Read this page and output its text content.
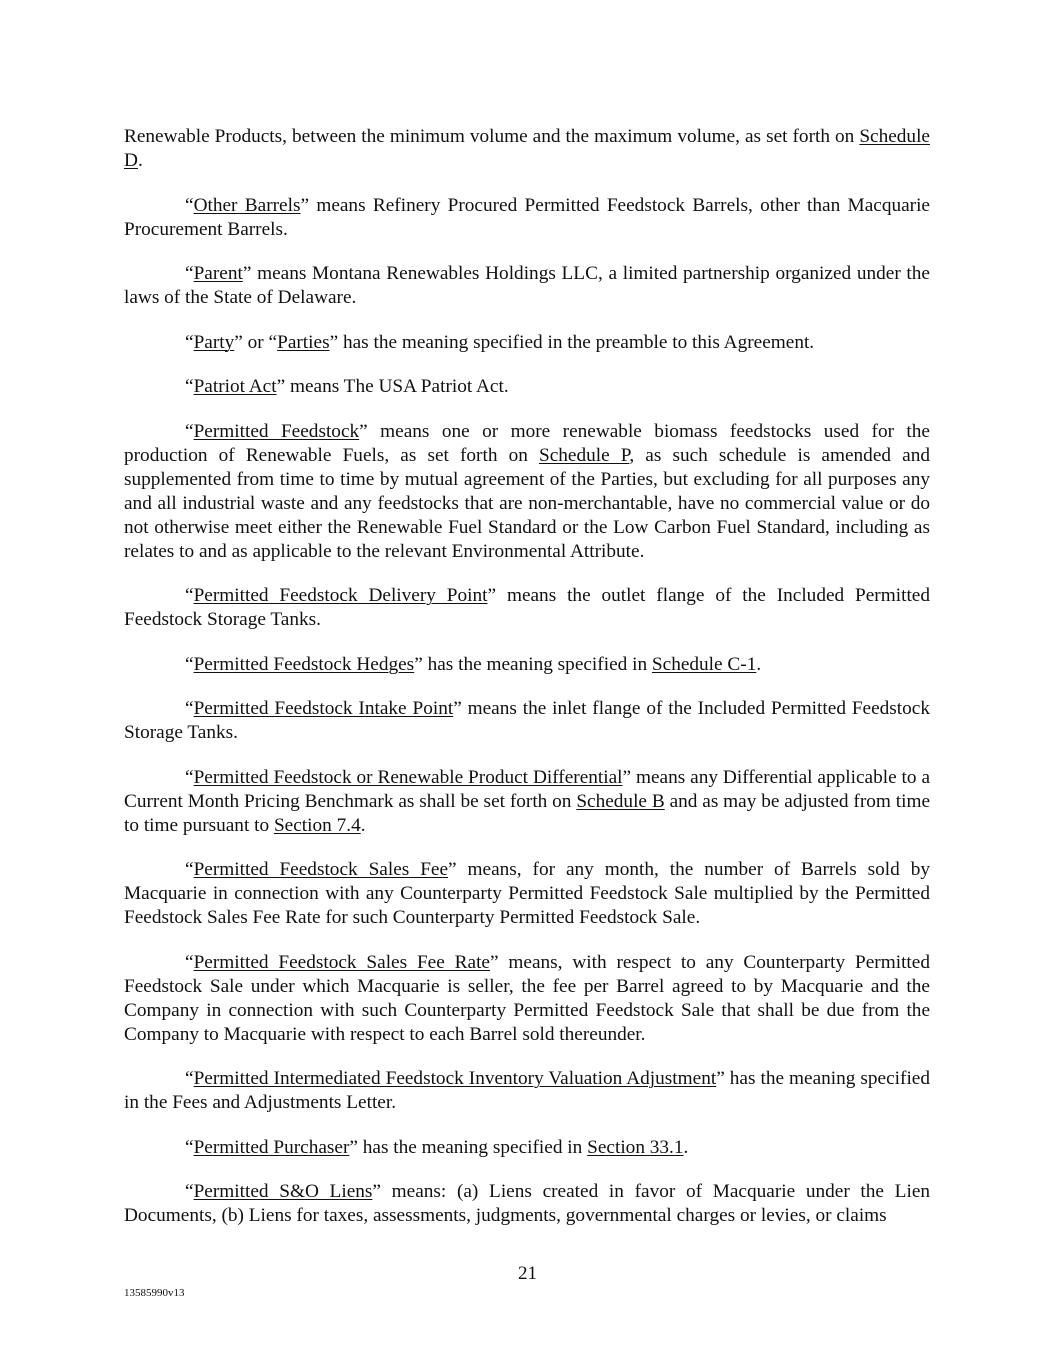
Renewable Products, between the minimum volume and the maximum volume, as set forth on Schedule D.

“Other Barrels” means Refinery Procured Permitted Feedstock Barrels, other than Macquarie Procurement Barrels.

“Parent” means Montana Renewables Holdings LLC, a limited partnership organized under the laws of the State of Delaware.

“Party” or “Parties” has the meaning specified in the preamble to this Agreement.

“Patriot Act” means The USA Patriot Act.

“Permitted Feedstock” means one or more renewable biomass feedstocks used for the production of Renewable Fuels, as set forth on Schedule P, as such schedule is amended and supplemented from time to time by mutual agreement of the Parties, but excluding for all purposes any and all industrial waste and any feedstocks that are non-merchantable, have no commercial value or do not otherwise meet either the Renewable Fuel Standard or the Low Carbon Fuel Standard, including as relates to and as applicable to the relevant Environmental Attribute.

“Permitted Feedstock Delivery Point” means the outlet flange of the Included Permitted Feedstock Storage Tanks.

“Permitted Feedstock Hedges” has the meaning specified in Schedule C-1.

“Permitted Feedstock Intake Point” means the inlet flange of the Included Permitted Feedstock Storage Tanks.

“Permitted Feedstock or Renewable Product Differential” means any Differential applicable to a Current Month Pricing Benchmark as shall be set forth on Schedule B and as may be adjusted from time to time pursuant to Section 7.4.

“Permitted Feedstock Sales Fee” means, for any month, the number of Barrels sold by Macquarie in connection with any Counterparty Permitted Feedstock Sale multiplied by the Permitted Feedstock Sales Fee Rate for such Counterparty Permitted Feedstock Sale.

“Permitted Feedstock Sales Fee Rate” means, with respect to any Counterparty Permitted Feedstock Sale under which Macquarie is seller, the fee per Barrel agreed to by Macquarie and the Company in connection with such Counterparty Permitted Feedstock Sale that shall be due from the Company to Macquarie with respect to each Barrel sold thereunder.

“Permitted Intermediated Feedstock Inventory Valuation Adjustment” has the meaning specified in the Fees and Adjustments Letter.

“Permitted Purchaser” has the meaning specified in Section 33.1.

“Permitted S&O Liens” means: (a) Liens created in favor of Macquarie under the Lien Documents, (b) Liens for taxes, assessments, judgments, governmental charges or levies, or claims

21
13585990v13
